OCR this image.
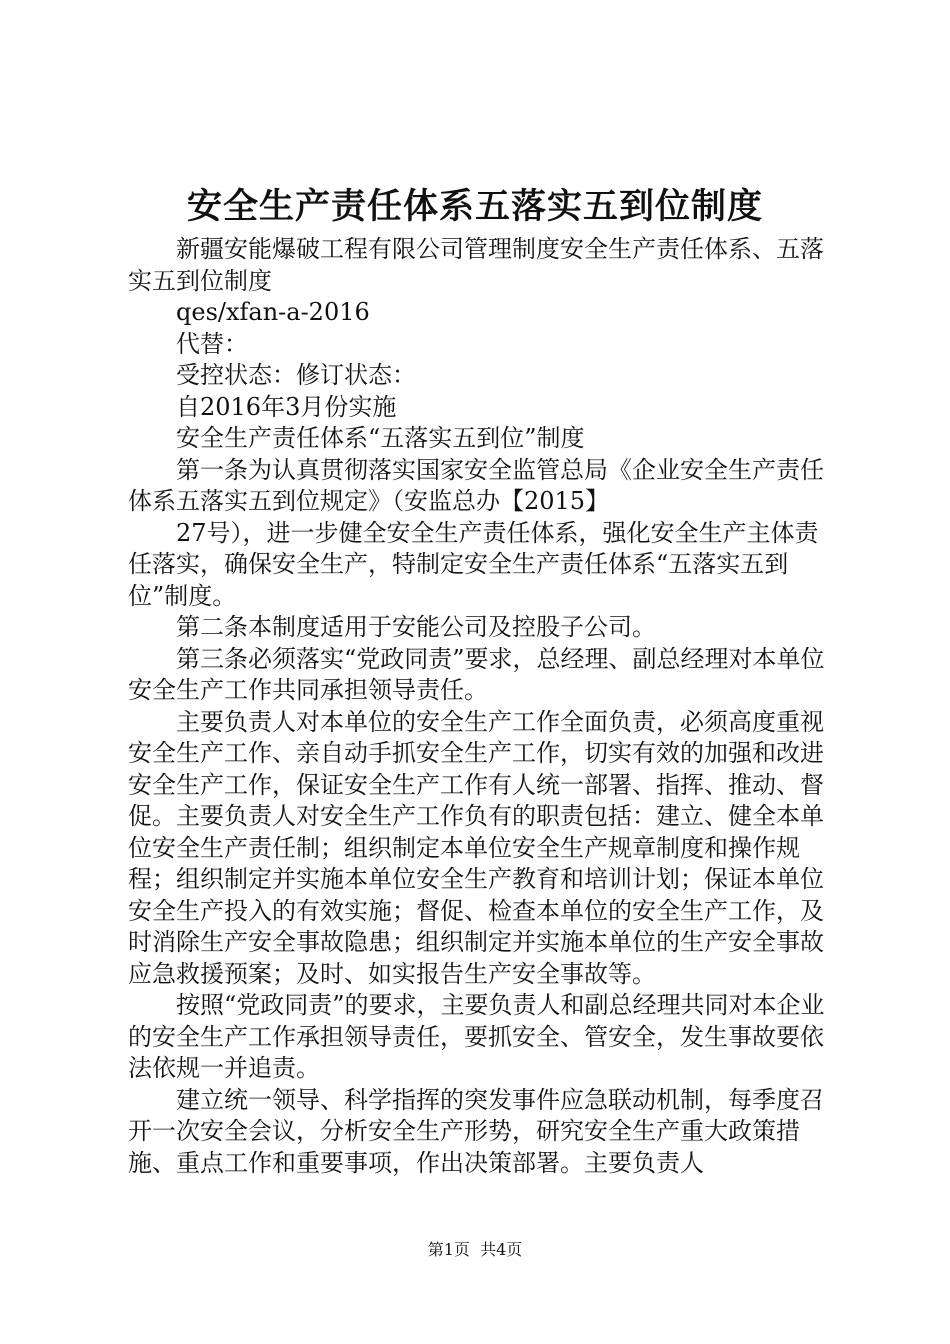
安全生产责任体系五落实五到位制度

新疆安能爆破工程有限公司管理制度安全生产责任体系、五落实五到位制度

qes/xfan-a-2016

代替：

受控状态：修订状态：

自2016年3月份实施

安全生产责任体系“五落实五到位”制度

第一条为认真贯彻落实国家安全监管总局《企业安全生产责任体系五落实五到位规定》（安监总办【2015】

27号），进一步健全安全生产责任体系，强化安全生产主体责任落实，确保安全生产，特制定安全生产责任体系“五落实五到位”制度。

第二条本制度适用于安能公司及控股子公司。

第三条必须落实“党政同责”要求，总经理、副总经理对本单位安全生产工作共同承担领导责任。

主要负责人对本单位的安全生产工作全面负责，必须高度重视安全生产工作、亲自动手抓安全生产工作，切实有效的加强和改进安全生产工作，保证安全生产工作有人统一部署、指挥、推动、督促。主要负责人对安全生产工作负有的职责包括：建立、健全本单位安全生产责任制；组织制定本单位安全生产规章制度和操作规程；组织制定并实施本单位安全生产教育和培训计划；保证本单位安全生产投入的有效实施；督促、检查本单位的安全生产工作，及时消除生产安全事故隐患；组织制定并实施本单位的生产安全事故应急救援预案；及时、如实报告生产安全事故等。

按照“党政同责”的要求，主要负责人和副总经理共同对本企业的安全生产工作承担领导责任，要抓安全、管安全，发生事故要依法依规一并追责。

建立统一领导、科学指挥的突发事件应急联动机制，每季度召开一次安全会议，分析安全生产形势，研究安全生产重大政策措施、重点工作和重要事项，作出决策部署。主要负责人

第1页 共4页
